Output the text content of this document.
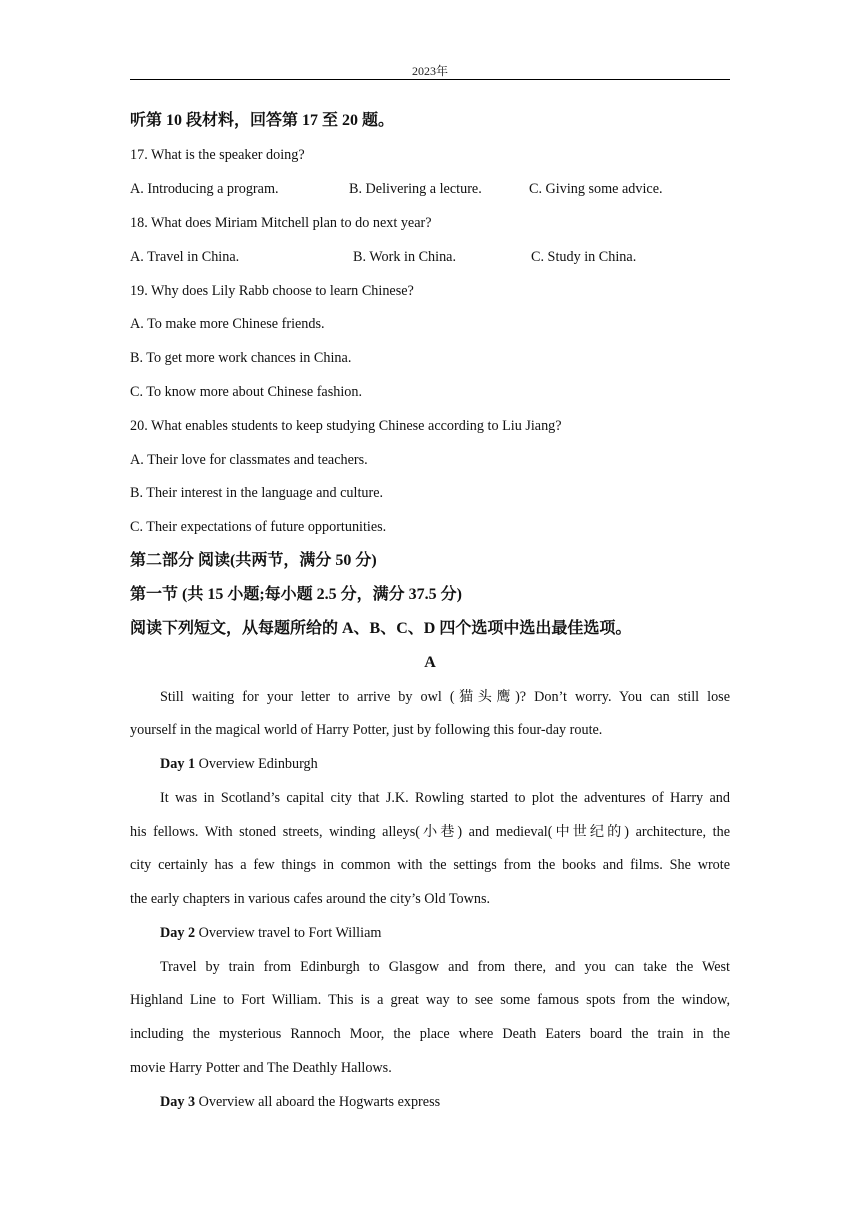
2023年
听第 10 段材料，回答第 17 至 20 题。
17. What is the speaker doing?
A. Introducing a program.	B. Delivering a lecture.	C. Giving some advice.
18. What does Miriam Mitchell plan to do next year?
A. Travel in China.	B. Work in China.	C. Study in China.
19. Why does Lily Rabb choose to learn Chinese?
A. To make more Chinese friends.
B. To get more work chances in China.
C. To know more about Chinese fashion.
20. What enables students to keep studying Chinese according to Liu Jiang?
A. Their love for classmates and teachers.
B. Their interest in the language and culture.
C. Their expectations of future opportunities.
第二部分 阅读(共两节，满分 50 分)
第一节 (共 15 小题;每小题 2.5 分，满分 37.5 分)
阅读下列短文，从每题所给的 A、B、C、D 四个选项中选出最佳选项。
A
Still waiting for your letter to arrive by owl (猫头鹰)? Don’t worry. You can still lose
yourself in the magical world of Harry Potter, just by following this four-day route.
Day 1 Overview Edinburgh
It was in Scotland’s capital city that J.K. Rowling started to plot the adventures of Harry and
his fellows. With stoned streets, winding alleys(小巷) and medieval(中世纪的) architecture, the
city certainly has a few things in common with the settings from the books and films. She wrote
the early chapters in various cafes around the city’s Old Towns.
Day 2 Overview travel to Fort William
Travel by train from Edinburgh to Glasgow and from there, and you can take the West
Highland Line to Fort William. This is a great way to see some famous spots from the window,
including the mysterious Rannoch Moor, the place where Death Eaters board the train in the
movie Harry Potter and The Deathly Hallows.
Day 3 Overview all aboard the Hogwarts express
